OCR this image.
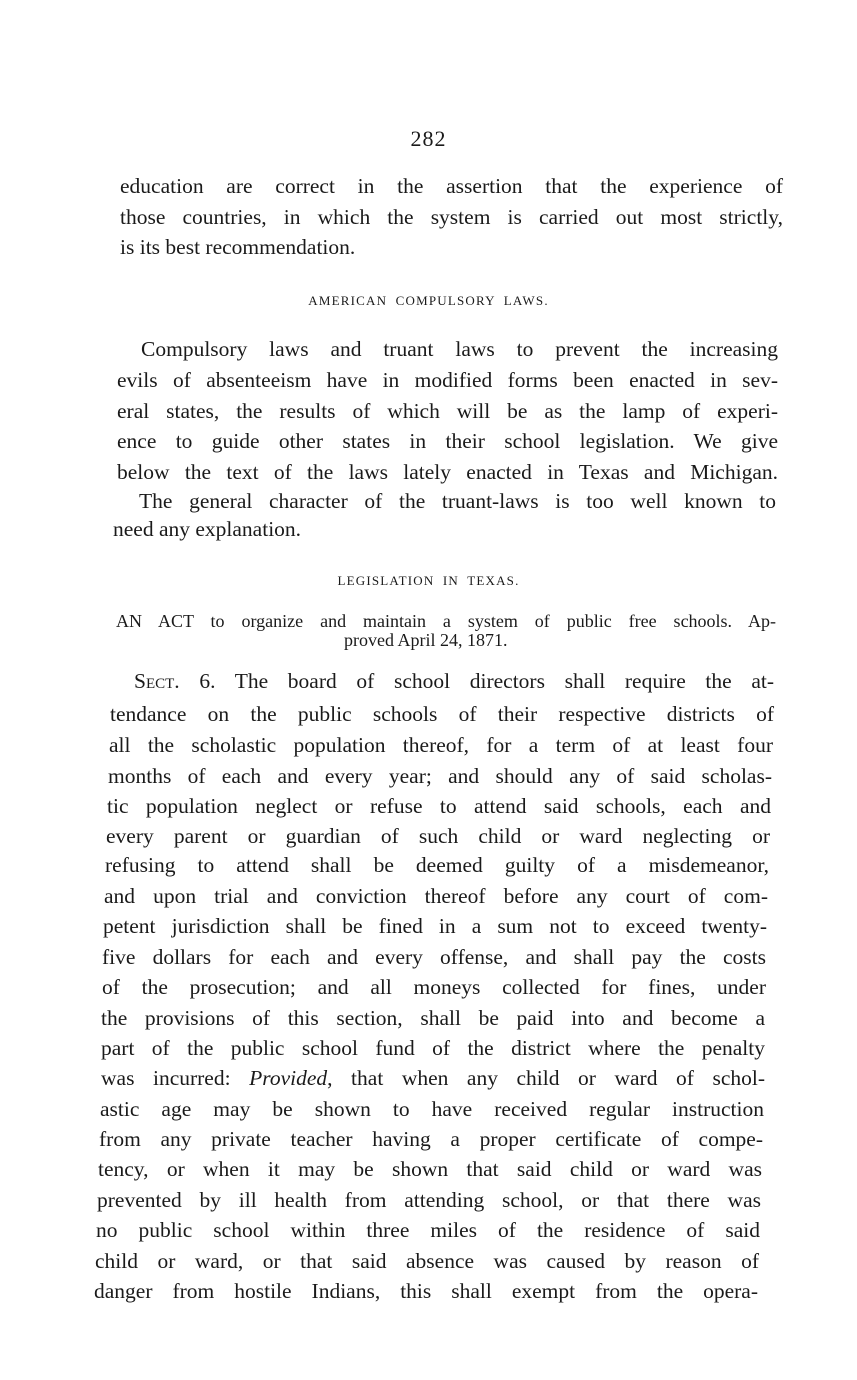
282
education are correct in the assertion that the experience of
those countries, in which the system is carried out most strictly,
is its best recommendation.
AMERICAN COMPULSORY LAWS.
Compulsory laws and truant laws to prevent the increasing
evils of absenteeism have in modified forms been enacted in sev-
eral states, the results of which will be as the lamp of experi-
ence to guide other states in their school legislation. We give
below the text of the laws lately enacted in Texas and Michigan.
The general character of the truant-laws is too well known to
need any explanation.
LEGISLATION IN TEXAS.
AN ACT to organize and maintain a system of public free schools. Ap-
proved April 24, 1871.
Sect. 6. The board of school directors shall require the at-
tendance on the public schools of their respective districts of
all the scholastic population thereof, for a term of at least four
months of each and every year; and should any of said scholas-
tic population neglect or refuse to attend said schools, each and
every parent or guardian of such child or ward neglecting or
refusing to attend shall be deemed guilty of a misdemeanor,
and upon trial and conviction thereof before any court of com-
petent jurisdiction shall be fined in a sum not to exceed twenty-
five dollars for each and every offense, and shall pay the costs
of the prosecution; and all moneys collected for fines, under
the provisions of this section, shall be paid into and become a
part of the public school fund of the district where the penalty
was incurred: Provided, that when any child or ward of schol-
astic age may be shown to have received regular instruction
from any private teacher having a proper certificate of compe-
tency, or when it may be shown that said child or ward was
prevented by ill health from attending school, or that there was
no public school within three miles of the residence of said
child or ward, or that said absence was caused by reason of
danger from hostile Indians, this shall exempt from the opera-
